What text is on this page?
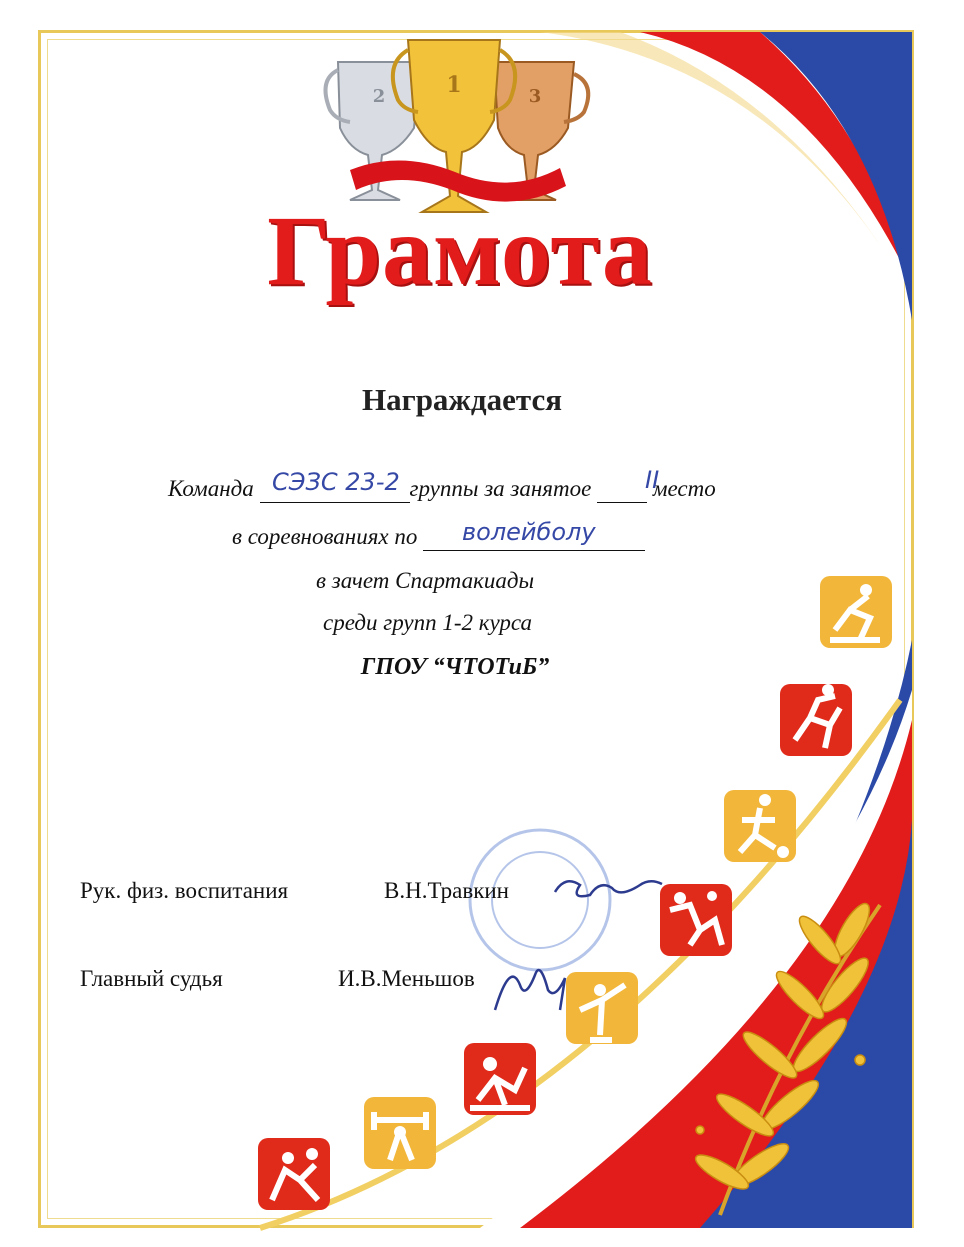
1
2	3
Грамота
Награждается
Команда	группы за занятое	место
СЭЗС 23-2	II
в соревнованиях по	волейболу
в зачет Спартакиады
среди групп 1-2 курса
ГПОУ “ЧТОТиБ”
Рук. физ. воспитания	В.Н.Травкин
Главный судья	И.В.Меньшов
